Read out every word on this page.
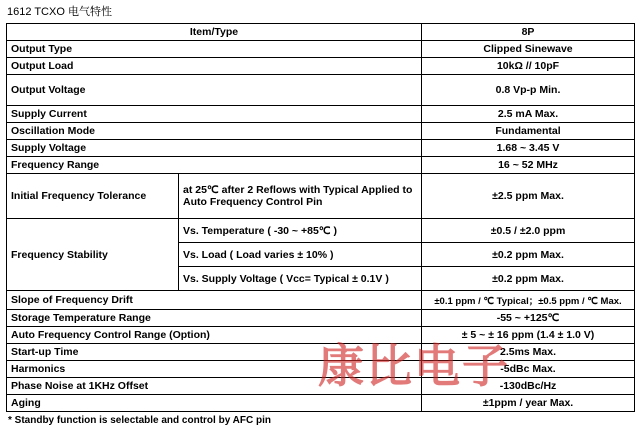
1612 TCXO 电气特性
Item/Type		8P
Output Type		Clipped Sinewave
Output Load		10kΩ // 10pF
Output Voltage		0.8 Vp-p Min.
Supply Current		2.5 mA Max.
Oscillation Mode		Fundamental
Supply Voltage		1.68 ~ 3.45 V
Frequency Range		16 ~ 52 MHz
Initial Frequency Tolerance	at 25℃ after 2 Reflows with Typical Applied to Auto Frequency Control Pin	±2.5 ppm Max.
Frequency Stability	Vs. Temperature ( -30 ~ +85℃ )	±0.5 / ±2.0 ppm
	Vs. Load ( Load varies ± 10% )	±0.2 ppm Max.
	Vs. Supply Voltage ( Vcc= Typical ± 0.1V )	±0.2 ppm Max.
Slope of Frequency Drift		±0.1 ppm / ℃ Typical；±0.5 ppm / ℃ Max.
Storage Temperature Range		-55 ~ +125℃
Auto Frequency Control Range (Option)		± 5 ~ ± 16 ppm (1.4 ± 1.0 V)
Start-up Time		2.5ms Max.
Harmonics		-5dBc Max.
Phase Noise at 1KHz Offset		-130dBc/Hz
Aging		±1ppm / year Max.
* Standby function is selectable and control by AFC pin
康比电子
